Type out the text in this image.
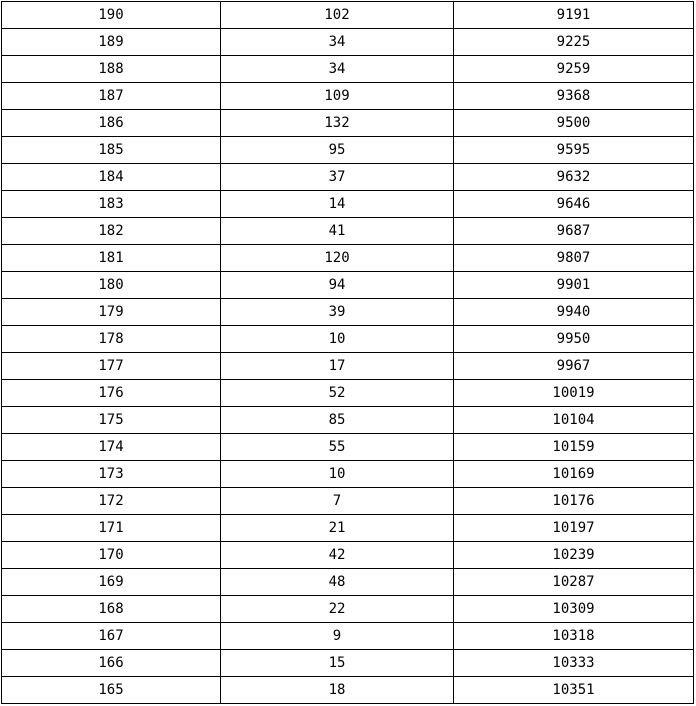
190	102	9191
189	34	9225
188	34	9259
187	109	9368
186	132	9500
185	95	9595
184	37	9632
183	14	9646
182	41	9687
181	120	9807
180	94	9901
179	39	9940
178	10	9950
177	17	9967
176	52	10019
175	85	10104
174	55	10159
173	10	10169
172	7	10176
171	21	10197
170	42	10239
169	48	10287
168	22	10309
167	9	10318
166	15	10333
165	18	10351
